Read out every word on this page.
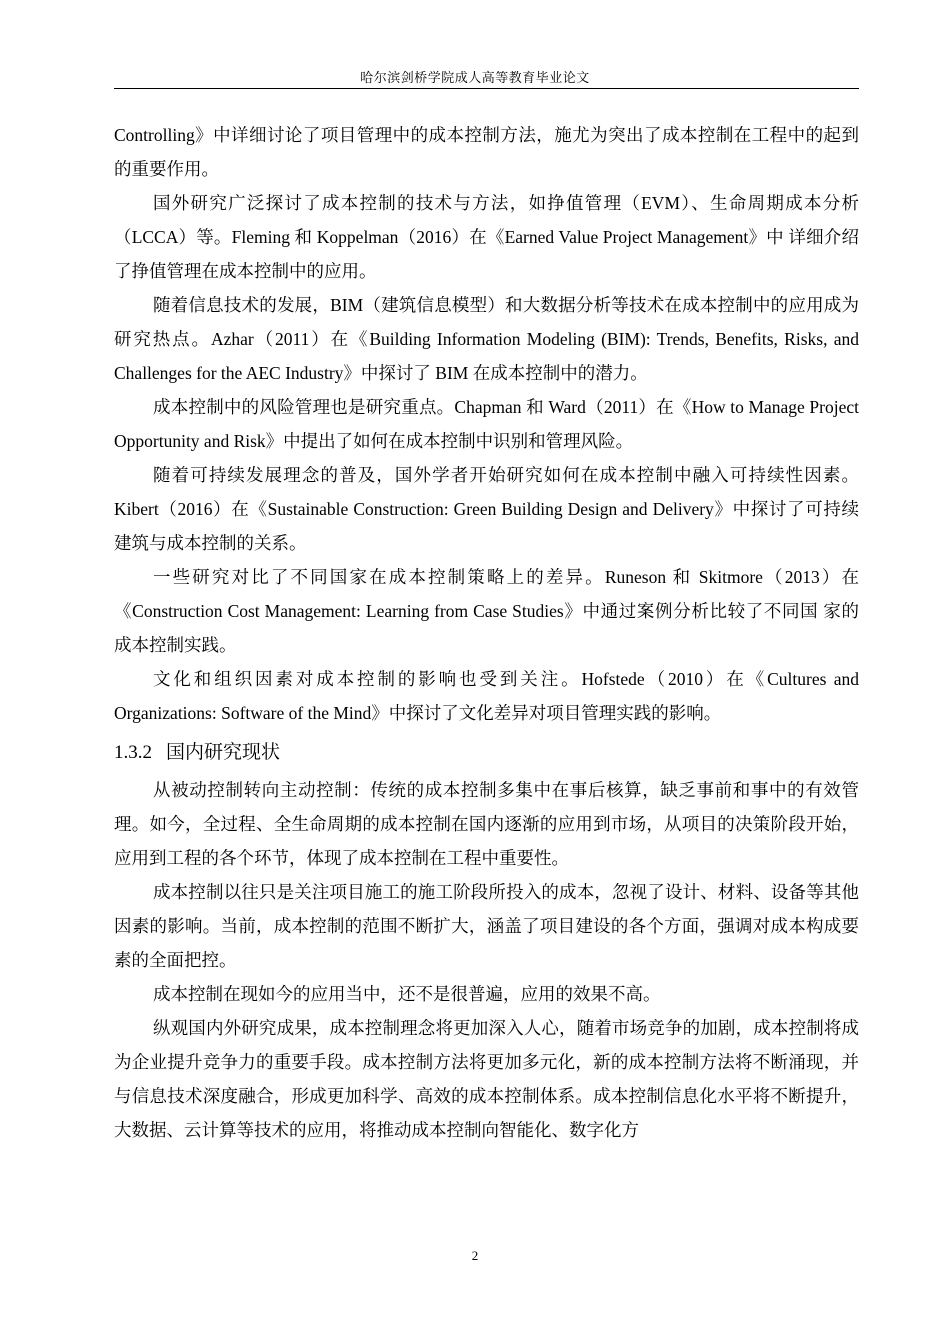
哈尔滨剑桥学院成人高等教育毕业论文

Controlling》中详细讨论了项目管理中的成本控制方法，施尤为突出了成本控制在工程中的起到的重要作用。

国外研究广泛探讨了成本控制的技术与方法，如挣值管理（EVM）、生命周期成本分析（LCCA）等。Fleming 和 Koppelman（2016）在《Earned Value Project Management》中 详细介绍了挣值管理在成本控制中的应用。

随着信息技术的发展，BIM（建筑信息模型）和大数据分析等技术在成本控制中的应用成为研究热点。Azhar（2011）在《Building Information Modeling (BIM): Trends, Benefits, Risks, and Challenges for the AEC Industry》中探讨了 BIM 在成本控制中的潜力。

成本控制中的风险管理也是研究重点。Chapman 和 Ward（2011）在《How to Manage Project Opportunity and Risk》中提出了如何在成本控制中识别和管理风险。

随着可持续发展理念的普及，国外学者开始研究如何在成本控制中融入可持续性因素。Kibert（2016）在《Sustainable Construction: Green Building Design and Delivery》中探讨了可持续建筑与成本控制的关系。

一些研究对比了不同国家在成本控制策略上的差异。Runeson 和 Skitmore（2013）在《Construction Cost Management: Learning from Case Studies》中通过案例分析比较了不同国 家的成本控制实践。

文化和组织因素对成本控制的影响也受到关注。Hofstede（2010）在《Cultures and Organizations: Software of the Mind》中探讨了文化差异对项目管理实践的影响。

1.3.2 国内研究现状

从被动控制转向主动控制：传统的成本控制多集中在事后核算，缺乏事前和事中的有效管理。如今，全过程、全生命周期的成本控制在国内逐渐的应用到市场，从项目的决策阶段开始，应用到工程的各个环节，体现了成本控制在工程中重要性。

成本控制以往只是关注项目施工的施工阶段所投入的成本，忽视了设计、材料、设备等其他因素的影响。当前，成本控制的范围不断扩大，涵盖了项目建设的各个方面，强调对成本构成要素的全面把控。

成本控制在现如今的应用当中，还不是很普遍，应用的效果不高。

纵观国内外研究成果，成本控制理念将更加深入人心，随着市场竞争的加剧，成本控制将成为企业提升竞争力的重要手段。成本控制方法将更加多元化，新的成本控制方法将不断涌现，并与信息技术深度融合，形成更加科学、高效的成本控制体系。成本控制信息化水平将不断提升，大数据、云计算等技术的应用，将推动成本控制向智能化、数字化方

2
